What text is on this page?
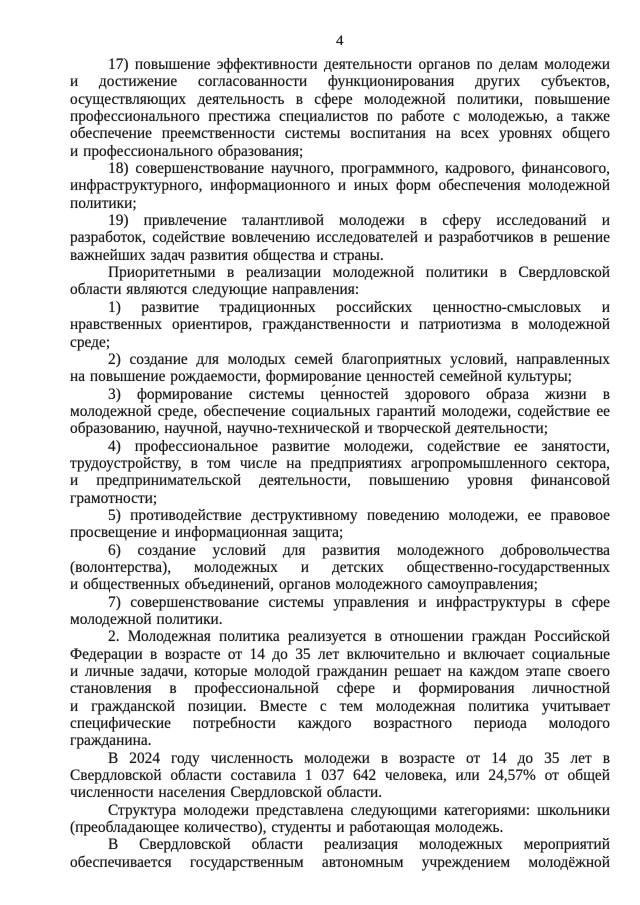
4

17) повышение эффективности деятельности органов по делам молодежи и достижение согласованности функционирования других субъектов, осуществляющих деятельность в сфере молодежной политики, повышение профессионального престижа специалистов по работе с молодежью, а также обеспечение преемственности системы воспитания на всех уровнях общего и профессионального образования;

18) совершенствование научного, программного, кадрового, финансового, инфраструктурного, информационного и иных форм обеспечения молодежной политики;

19) привлечение талантливой молодежи в сферу исследований и разработок, содействие вовлечению исследователей и разработчиков в решение важнейших задач развития общества и страны.

Приоритетными в реализации молодежной политики в Свердловской области являются следующие направления:

1) развитие традиционных российских ценностно-смысловых и нравственных ориентиров, гражданственности и патриотизма в молодежной среде;

2) создание для молодых семей благоприятных условий, направленных на повышение рождаемости, формирование ценностей семейной культуры;

3) формирование системы це́нностей здорового образа жизни в молодежной среде, обеспечение социальных гарантий молодежи, содействие ее образованию, научной, научно-технической и творческой деятельности;

4) профессиональное развитие молодежи, содействие ее занятости, трудоустройству, в том числе на предприятиях агропромышленного сектора, и предпринимательской деятельности, повышению уровня финансовой грамотности;

5) противодействие деструктивному поведению молодежи, ее правовое просвещение и информационная защита;

6) создание условий для развития молодежного добровольчества (волонтерства), молодежных и детских общественно-государственных и общественных объединений, органов молодежного самоуправления;

7) совершенствование системы управления и инфраструктуры в сфере молодежной политики.

2. Молодежная политика реализуется в отношении граждан Российской Федерации в возрасте от 14 до 35 лет включительно и включает социальные и личные задачи, которые молодой гражданин решает на каждом этапе своего становления в профессиональной сфере и формирования личностной и гражданской позиции. Вместе с тем молодежная политика учитывает специфические потребности каждого возрастного периода молодого гражданина.

В 2024 году численность молодежи в возрасте от 14 до 35 лет в Свердловской области составила 1 037 642 человека, или 24,57% от общей численности населения Свердловской области.

Структура молодежи представлена следующими категориями: школьники (преобладающее количество), студенты и работающая молодежь.

В Свердловской области реализация молодежных мероприятий обеспечивается государственным автономным учреждением молодёжной
